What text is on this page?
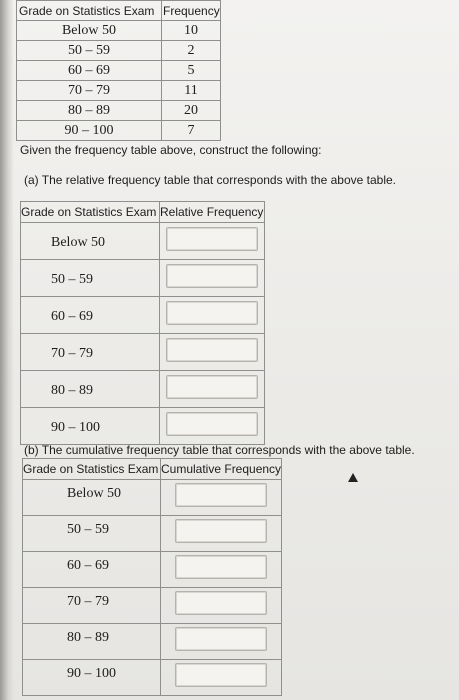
Grade on Statistics Exam	Frequency
Below 50	10
50 – 59	2
60 – 69	5
70 – 79	11
80 – 89	20
90 – 100	7
Given the frequency table above, construct the following:
(a) The relative frequency table that corresponds with the above table.
Grade on Statistics Exam	Relative Frequency
Below 50	
50 – 59	
60 – 69	
70 – 79	
80 – 89	
90 – 100	
(b) The cumulative frequency table that corresponds with the above table.
Grade on Statistics Exam	Cumulative Frequency
Below 50	
50 – 59	
60 – 69	
70 – 79	
80 – 89	
90 – 100	
